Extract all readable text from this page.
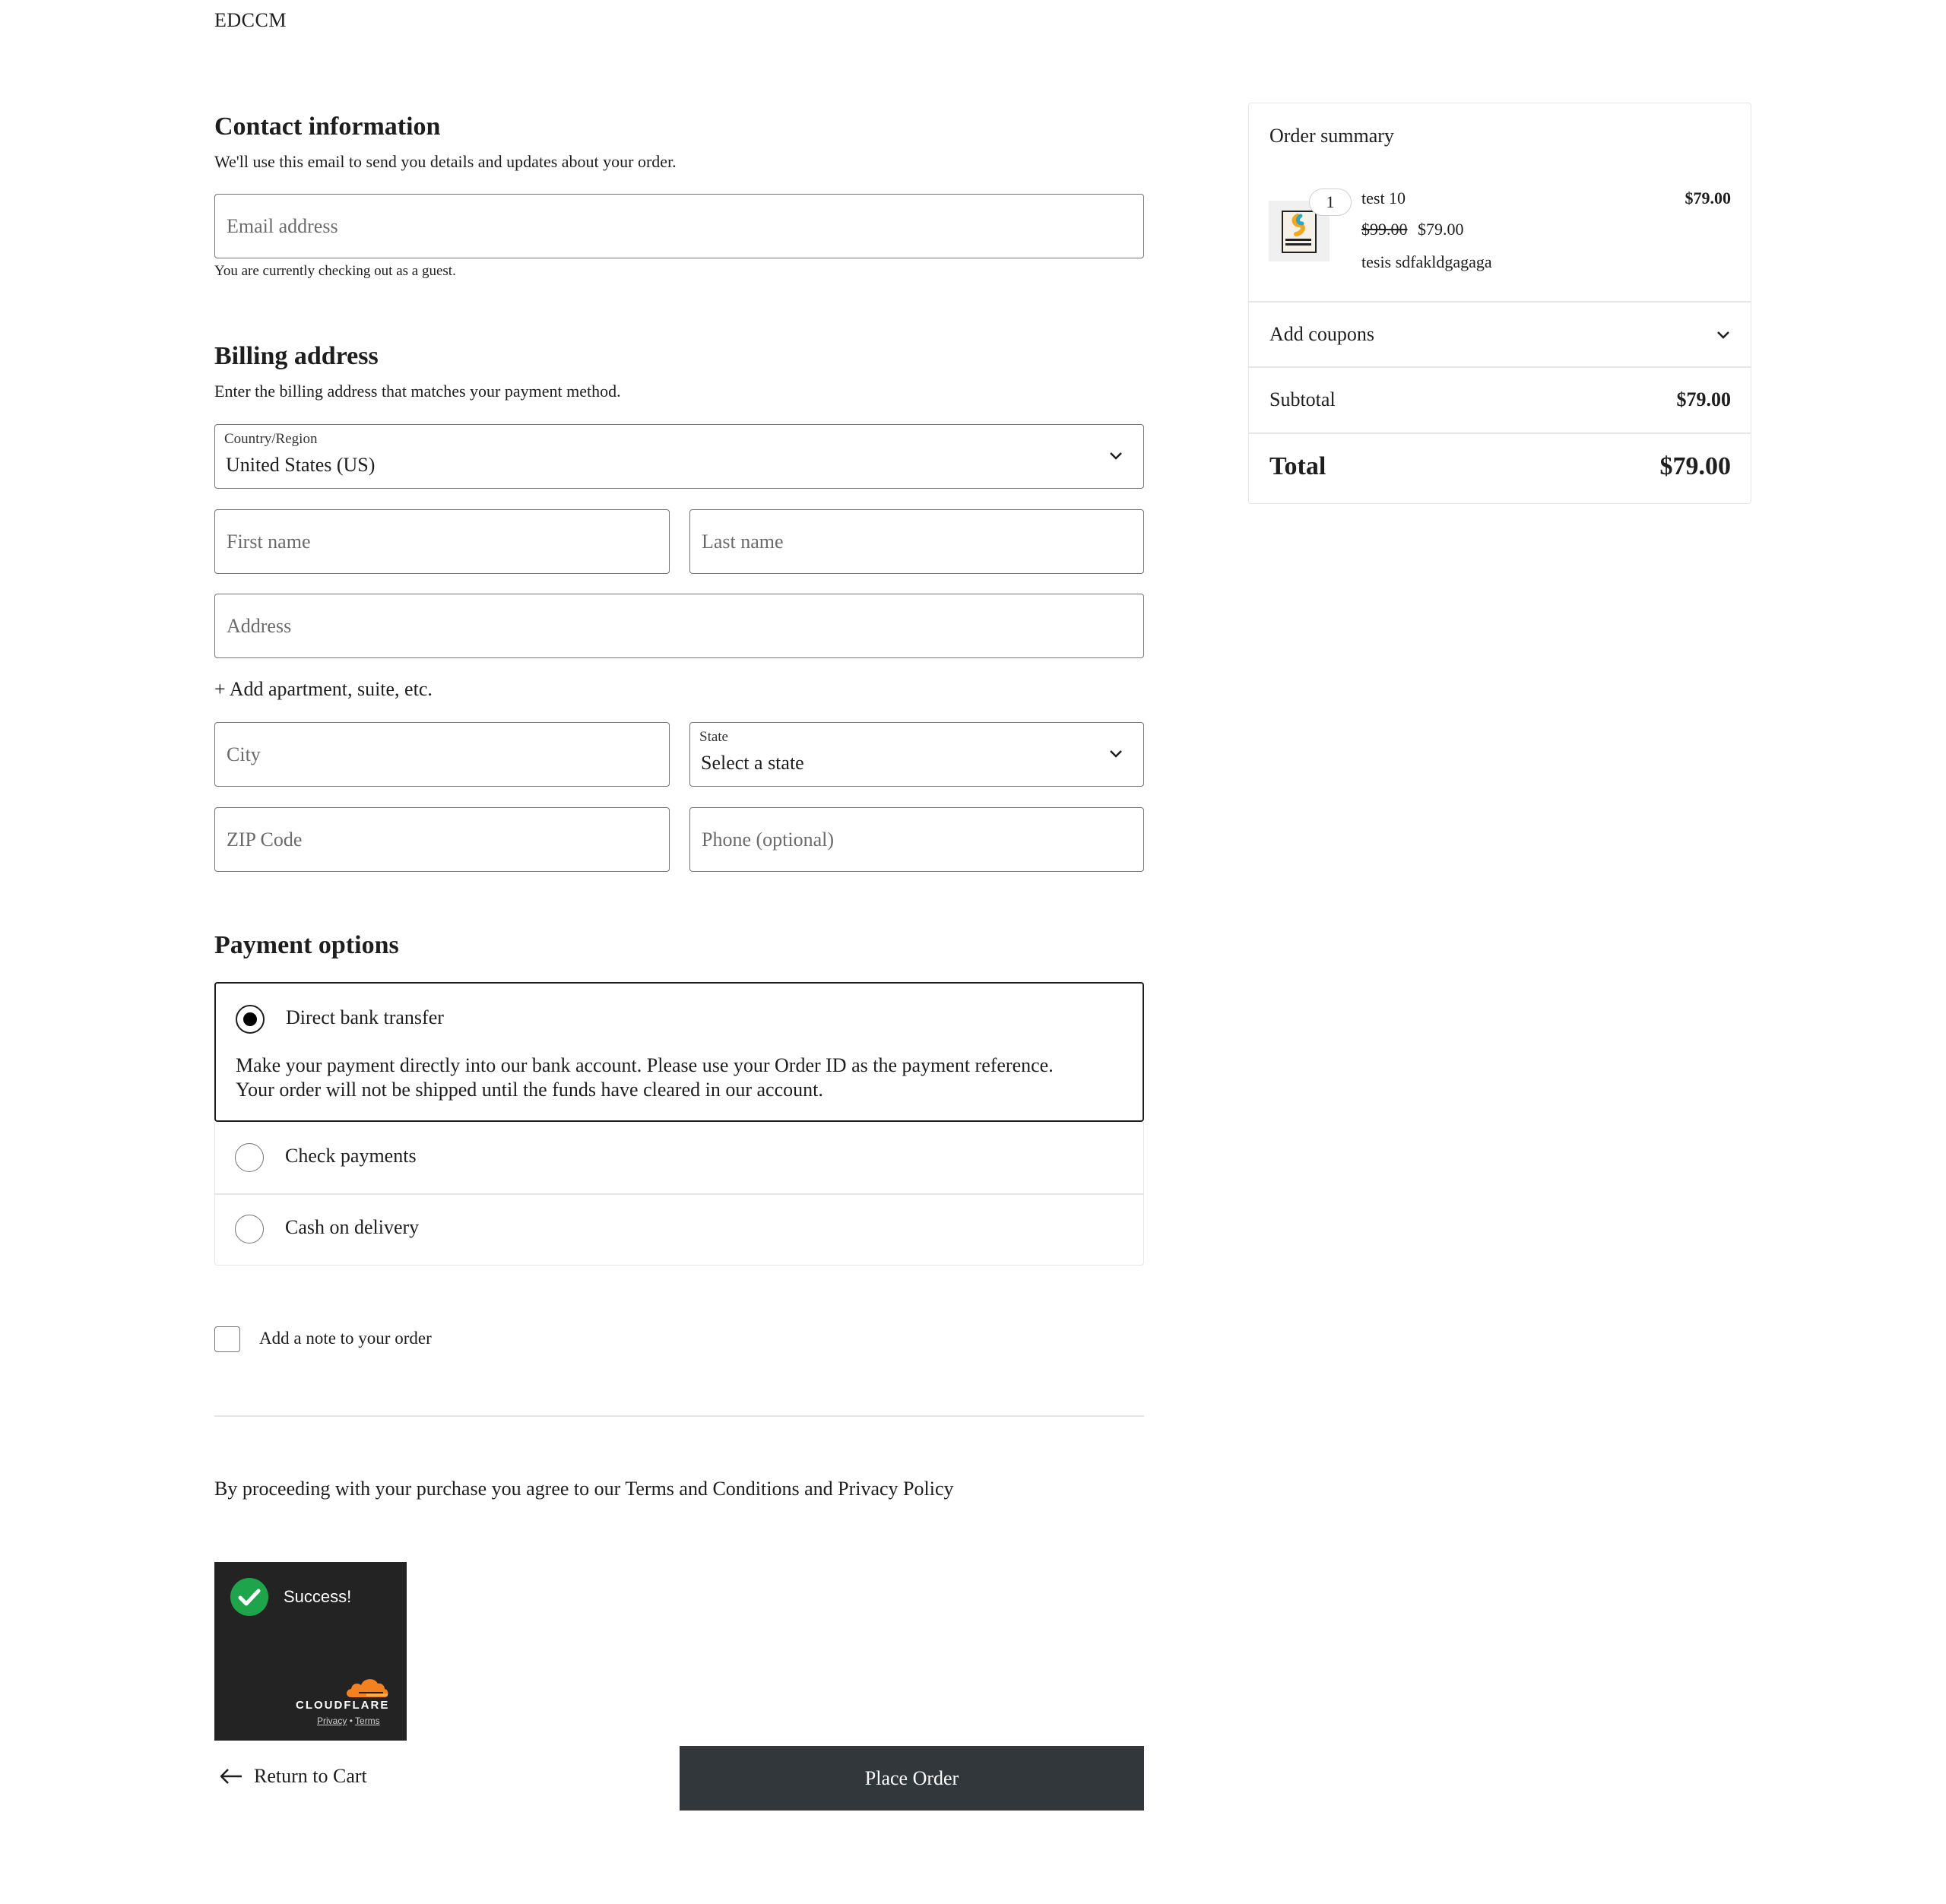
EDCCM
Contact information
We'll use this email to send you details and updates about your order.
Email address
You are currently checking out as a guest.
Billing address
Enter the billing address that matches your payment method.
Country/Region
United States (US)
First name
Last name
Address
+ Add apartment, suite, etc.
City
State
Select a state
ZIP Code
Phone (optional)
Payment options
Direct bank transfer
Make your payment directly into our bank account. Please use your Order ID as the payment reference.
Your order will not be shipped until the funds have cleared in our account.
Check payments
Cash on delivery
Add a note to your order
By proceeding with your purchase you agree to our Terms and Conditions and Privacy Policy
Success!
CLOUDFLARE
Privacy • Terms
Return to Cart	Place Order
Order summary
1	test 10	$79.00
$99.00 $79.00
tesis sdfakldgagaga
Add coupons
Subtotal	$79.00
Total	$79.00
